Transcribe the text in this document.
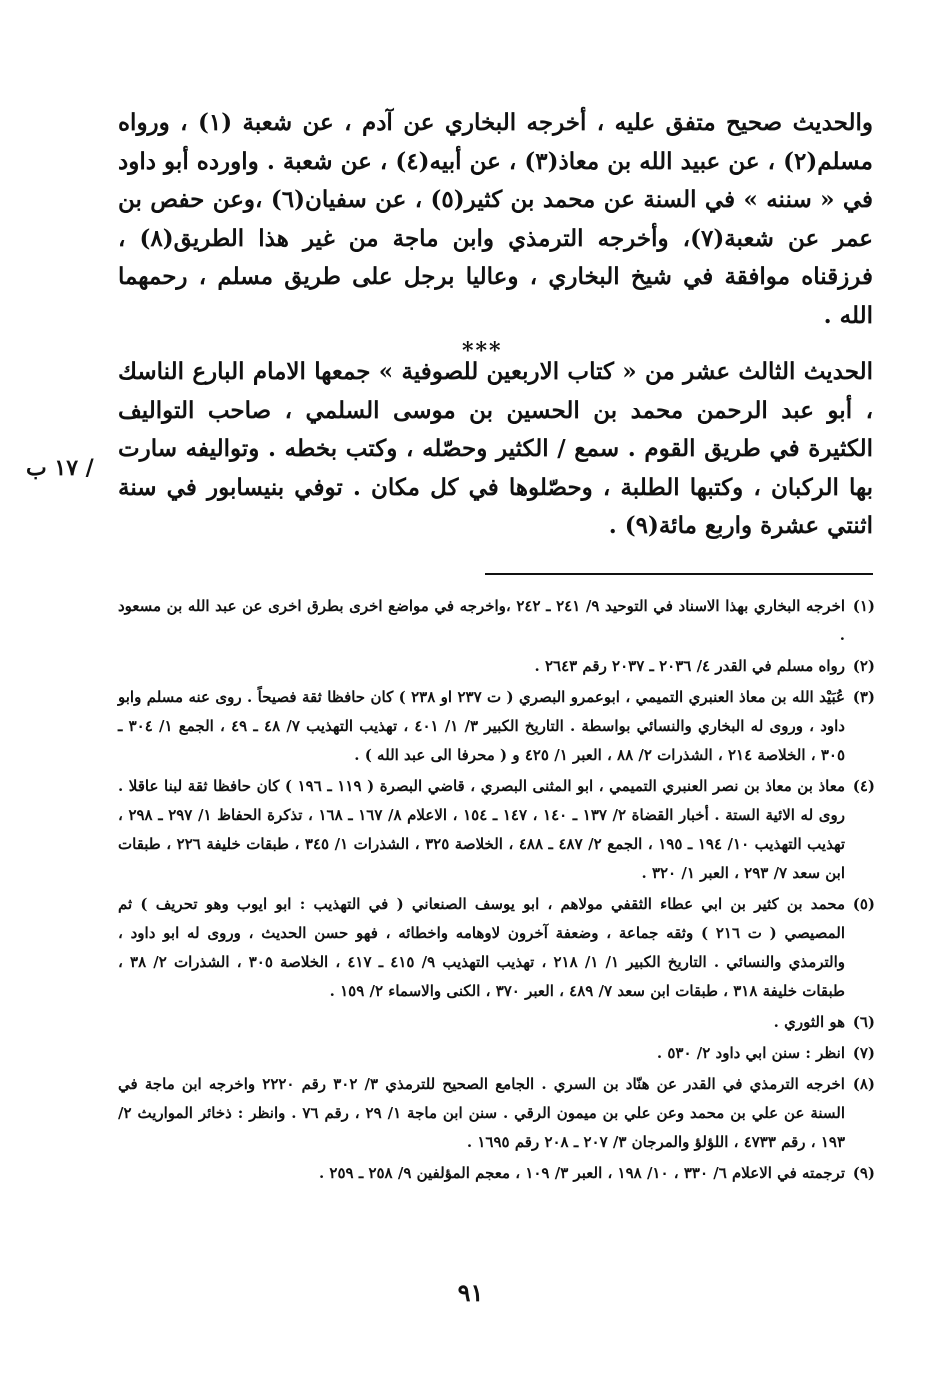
والحديث صحيح متفق عليه ، أخرجه البخاري عن آدم ، عن شعبة (١) ، ورواه مسلم(٢) ، عن عبيد الله بن معاذ(٣) ، عن أبيه(٤) ، عن شعبة . واورده أبو داود في « سننه » في السنة عن محمد بن كثير(٥) ، عن سفيان(٦) ،وعن حفص بن عمر عن شعبة(٧)، وأخرجه الترمذي وابن ماجة من غير هذا الطريق(٨) ، فرزقناه موافقة في شيخ البخاري ، وعاليا برجل على طريق مسلم ، رحمهما الله .

***

الحديث الثالث عشر من « كتاب الاربعين للصوفية » جمعها الامام البارع الناسك ، أبو عبد الرحمن محمد بن الحسين بن موسى السلمي ، صاحب التواليف الكثيرة في طريق القوم . سمع / الكثير وحصّله ، وكتب بخطه . وتواليفه سارت بها الركبان ، وكتبها الطلبة ، وحصّلوها في كل مكان . توفي بنيسابور في سنة اثنتي عشرة واربع مائة(٩) .

/ ١٧ ب
(١)
اخرجه البخاري بهذا الاسناد في التوحيد ٩/ ٢٤١ ـ ٢٤٢ ،واخرجه في مواضع اخرى بطرق اخرى عن عبد الله بن مسعود .
(٢)
رواه مسلم في القدر ٤/ ٢٠٣٦ ـ ٢٠٣٧ رقم ٢٦٤٣ .
(٣)
عُبَيْد الله بن معاذ العنبري التميمي ، ابوعمرو البصري ( ت ٢٣٧ او ٢٣٨ ) كان حافظا ثقة فصيحاً . روى عنه مسلم وابو داود ، وروى له البخاري والنسائي بواسطة . التاريخ الكبير ٣/ ١/ ٤٠١ ، تهذيب التهذيب ٧/ ٤٨ ـ ٤٩ ، الجمع ١/ ٣٠٤ ـ ٣٠٥ ، الخلاصة ٢١٤ ، الشذرات ٢/ ٨٨ ، العبر ١/ ٤٢٥ و ( محرفا الى عبد الله ) .
(٤)
معاذ بن معاذ بن نصر العنبري التميمي ، ابو المثنى البصري ، قاضي البصرة ( ١١٩ ـ ١٩٦ ) كان حافظا ثقة لبنا عاقلا . روى له الائية الستة . أخبار القضاة ٢/ ١٣٧ ـ ١٤٠ ، ١٤٧ ـ ١٥٤ ، الاعلام ٨/ ١٦٧ ـ ١٦٨ ، تذكرة الحفاظ ١/ ٢٩٧ ـ ٢٩٨ ، تهذيب التهذيب ١٠/ ١٩٤ ـ ١٩٥ ، الجمع ٢/ ٤٨٧ ـ ٤٨٨ ، الخلاصة ٣٢٥ ، الشذرات ١/ ٣٤٥ ، طبقات خليفة ٢٢٦ ، طبقات ابن سعد ٧/ ٢٩٣ ، العبر ١/ ٣٢٠ .
(٥)
محمد بن كثير بن ابي عطاء الثقفي مولاهم ، ابو يوسف الصنعاني ( في التهذيب : ابو ايوب وهو تحريف ) ثم المصيصي ( ت ٢١٦ ) وثقه جماعة ، وضعفة آخرون لاوهامه واخطائه ، فهو حسن الحديث ، وروى له ابو داود ، والترمذي والنسائي . التاريخ الكبير ١/ ١/ ٢١٨ ، تهذيب التهذيب ٩/ ٤١٥ ـ ٤١٧ ، الخلاصة ٣٠٥ ، الشذرات ٢/ ٣٨ ، طبقات خليفة ٣١٨ ، طبقات ابن سعد ٧/ ٤٨٩ ، العبر ٣٧٠ ، الكنى والاسماء ٢/ ١٥٩ .
(٦)
هو الثوري .
(٧)
انظر : سنن ابي داود ٢/ ٥٣٠ .
(٨)
اخرجه الترمذي في القدر عن هنّاد بن السري . الجامع الصحيح للترمذي ٣/ ٣٠٢ رقم ٢٢٢٠ واخرجه ابن ماجة في السنة عن علي بن محمد وعن علي بن ميمون الرقي . سنن ابن ماجة ١/ ٢٩ ، رقم ٧٦ . وانظر : ذخائر المواريث ٢/ ١٩٣ ، رقم ٤٧٣٣ ، اللؤلؤ والمرجان ٣/ ٢٠٧ ـ ٢٠٨ رقم ١٦٩٥ .
(٩)
ترجمته في الاعلام ٦/ ٣٣٠ ، ١٠/ ١٩٨ ، العبر ٣/ ١٠٩ ، معجم المؤلفين ٩/ ٢٥٨ ـ ٢٥٩ .
٩١
